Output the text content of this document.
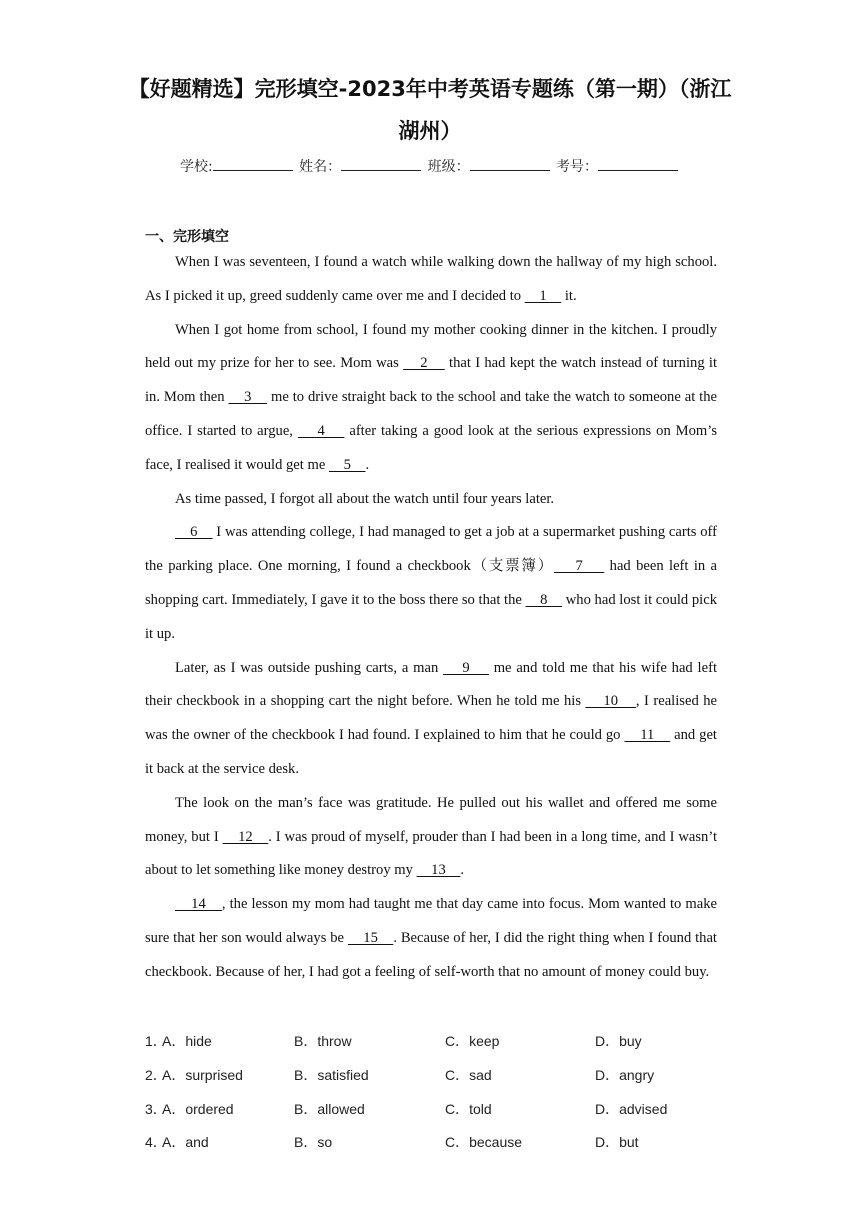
【好题精选】完形填空-2023年中考英语专题练（第一期）（浙江湖州）
学校:	姓名：	班级：	考号：
一、完形填空

When I was seventeen, I found a watch while walking down the hallway of my high school. As I picked it up, greed suddenly came over me and I decided to     1     it.

When I got home from school, I found my mother cooking dinner in the kitchen. I proudly held out my prize for her to see. Mom was     2     that I had kept the watch instead of turning it in. Mom then     3     me to drive straight back to the school and take the watch to someone at the office. I started to argue,     4     after taking a good look at the serious expressions on Mom’s face, I realised it would get me     5    .

As time passed, I forgot all about the watch until four years later.

6     I was attending college, I had managed to get a job at a supermarket pushing carts off the parking place. One morning, I found a checkbook（支票簿）    7     had been left in a shopping cart. Immediately, I gave it to the boss there so that the     8     who had lost it could pick it up.

Later, as I was outside pushing carts, a man     9     me and told me that his wife had left their checkbook in a shopping cart the night before. When he told me his     10    , I realised he was the owner of the checkbook I had found. I explained to him that he could go     11     and get it back at the service desk.

The look on the man’s face was gratitude. He pulled out his wallet and offered me some money, but I     12    . I was proud of myself, prouder than I had been in a long time, and I wasn’t about to let something like money destroy my     13    .

14    , the lesson my mom had taught me that day came into focus. Mom wanted to make sure that her son would always be     15    . Because of her, I did the right thing when I found that checkbook. Because of her, I had got a feeling of self-worth that no amount of money could buy.

1．
A．hide	B．throw	C．keep	D．buy
2．
A．surprised	B．satisfied	C．sad	D．angry
3．
A．ordered	B．allowed	C．told	D．advised
4．
A．and	B．so	C．because	D．but
